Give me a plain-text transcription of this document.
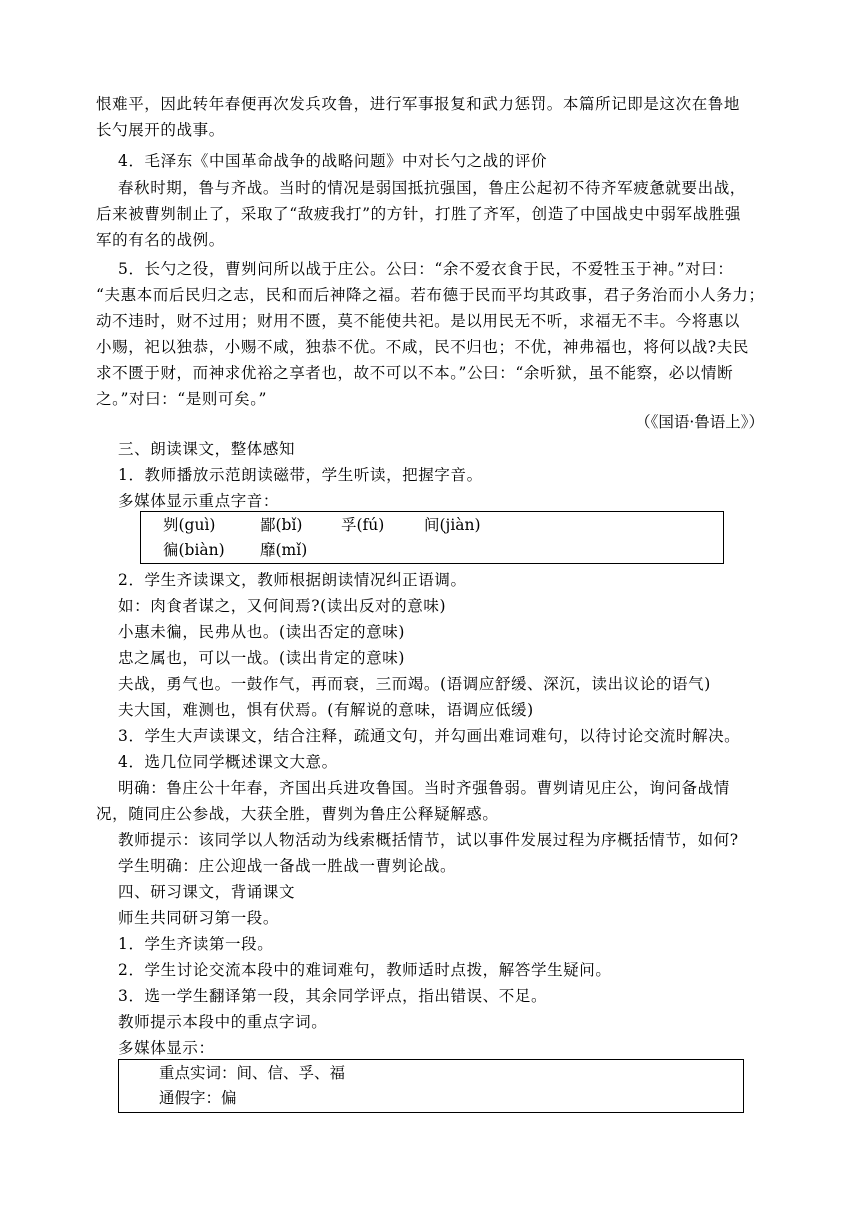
恨难平，因此转年春便再次发兵攻鲁，进行军事报复和武力惩罚。本篇所记即是这次在鲁地
长勺展开的战事。
4．毛泽东《中国革命战争的战略问题》中对长勺之战的评价
春秋时期，鲁与齐战。当时的情况是弱国抵抗强国，鲁庄公起初不待齐军疲惫就要出战，
后来被曹刿制止了，采取了“敌疲我打”的方针，打胜了齐军，创造了中国战史中弱军战胜强
军的有名的战例。
5．长勺之役，曹刿问所以战于庄公。公曰：“余不爱衣食于民，不爱牲玉于神。”对曰：
“夫惠本而后民归之志，民和而后神降之福。若布德于民而平均其政事，君子务治而小人务力；
动不违时，财不过用；财用不匮，莫不能使共祀。是以用民无不听，求福无不丰。今将惠以
小赐，祀以独恭，小赐不咸，独恭不优。不咸，民不归也；不优，神弗福也，将何以战?夫民
求不匮于财，而神求优裕之享者也，故不可以不本。”公曰：“余听狱，虽不能察，必以情断
之。”对曰：“是则可矣。”
（《国语·鲁语上》）
三、朗读课文，整体感知
1．教师播放示范朗读磁带，学生听读，把握字音。
多媒体显示重点字音：
刿(guì)	鄙(bǐ) 孚(fú)	间(jiàn)
徧(biàn) 靡(mǐ)
2．学生齐读课文，教师根据朗读情况纠正语调。
如：肉食者谋之，又何间焉?(读出反对的意味)
小惠未徧，民弗从也。(读出否定的意味)
忠之属也，可以一战。(读出肯定的意味)
夫战，勇气也。一鼓作气，再而衰，三而竭。(语调应舒缓、深沉，读出议论的语气)
夫大国，难测也，惧有伏焉。(有解说的意味，语调应低缓)
3．学生大声读课文，结合注释，疏通文句，并勾画出难词难句，以待讨论交流时解决。
4．选几位同学概述课文大意。
明确：鲁庄公十年春，齐国出兵进攻鲁国。当时齐强鲁弱。曹刿请见庄公，询问备战情
况，随同庄公参战，大获全胜，曹刿为鲁庄公释疑解惑。
教师提示：该同学以人物活动为线索概括情节，试以事件发展过程为序概括情节，如何?
学生明确：庄公迎战一备战一胜战一曹刿论战。
四、研习课文，背诵课文
师生共同研习第一段。
1．学生齐读第一段。
2．学生讨论交流本段中的难词难句，教师适时点拨，解答学生疑问。
3．选一学生翻译第一段，其余同学评点，指出错误、不足。
教师提示本段中的重点字词。
多媒体显示：
重点实词：间、信、孚、福
通假字：偏
